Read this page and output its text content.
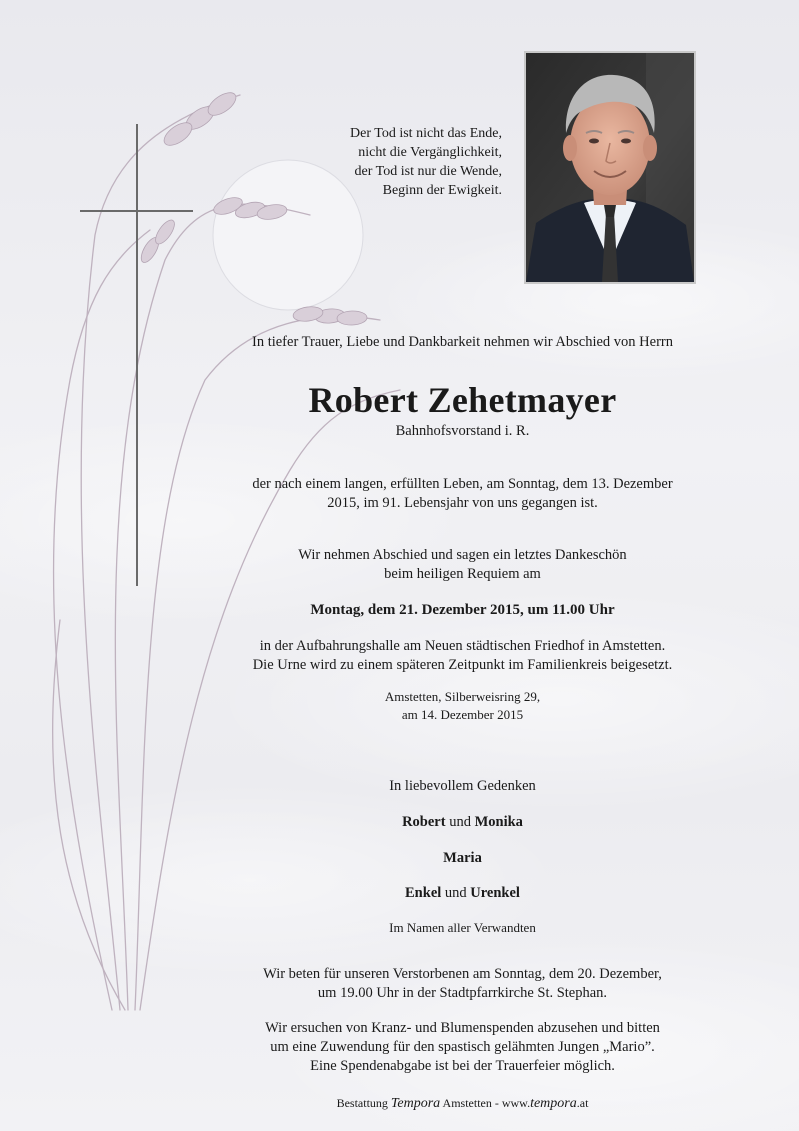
Der Tod ist nicht das Ende,
nicht die Vergänglichkeit,
der Tod ist nur die Wende,
Beginn der Ewigkeit.
In tiefer Trauer, Liebe und Dankbarkeit nehmen wir Abschied von Herrn
Robert Zehetmayer
Bahnhofsvorstand i. R.
der nach einem langen, erfüllten Leben, am Sonntag, dem 13. Dezember
2015, im 91. Lebensjahr von uns gegangen ist.
Wir nehmen Abschied und sagen ein letztes Dankeschön
beim heiligen Requiem am
Montag, dem 21. Dezember 2015, um 11.00 Uhr
in der Aufbahrungshalle am Neuen städtischen Friedhof in Amstetten.
Die Urne wird zu einem späteren Zeitpunkt im Familienkreis beigesetzt.
Amstetten, Silberweisring 29,
am 14. Dezember 2015
In liebevollem Gedenken
Robert und Monika
Maria
Enkel und Urenkel
Im Namen aller Verwandten
Wir beten für unseren Verstorbenen am Sonntag, dem 20. Dezember,
um 19.00 Uhr in der Stadtpfarrkirche St. Stephan.
Wir ersuchen von Kranz- und Blumenspenden abzusehen und bitten
um eine Zuwendung für den spastisch gelähmten Jungen „Mario”.
Eine Spendenabgabe ist bei der Trauerfeier möglich.
Bestattung Tempora Amstetten - www.tempora.at
